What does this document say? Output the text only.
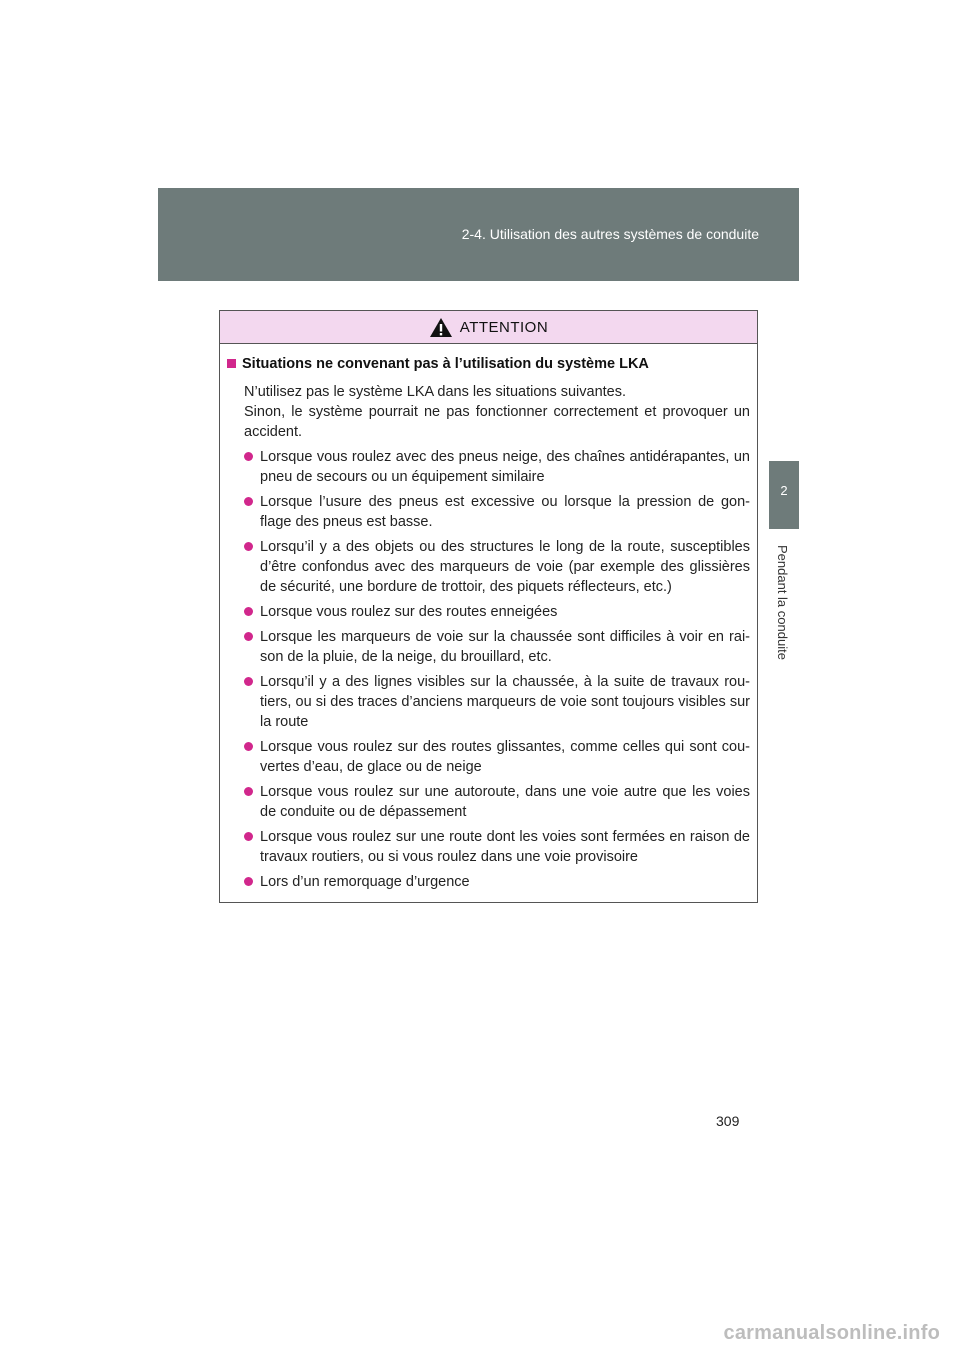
2-4. Utilisation des autres systèmes de conduite
2
Pendant la conduite
ATTENTION
Situations ne convenant pas à l’utilisation du système LKA
N’utilisez pas le système LKA dans les situations suivantes.
Sinon, le système pourrait ne pas fonctionner correctement et provoquer un accident.
Lorsque vous roulez avec des pneus neige, des chaînes antidérapantes, un pneu de secours ou un équipement similaire
Lorsque l’usure des pneus est excessive ou lorsque la pression de gon-flage des pneus est basse.
Lorsqu’il y a des objets ou des structures le long de la route, susceptibles d’être confondus avec des marqueurs de voie (par exemple des glissières de sécurité, une bordure de trottoir, des piquets réflecteurs, etc.)
Lorsque vous roulez sur des routes enneigées
Lorsque les marqueurs de voie sur la chaussée sont difficiles à voir en rai-son de la pluie, de la neige, du brouillard, etc.
Lorsqu’il y a des lignes visibles sur la chaussée, à la suite de travaux rou-tiers, ou si des traces d’anciens marqueurs de voie sont toujours visibles sur la route
Lorsque vous roulez sur des routes glissantes, comme celles qui sont cou-vertes d’eau, de glace ou de neige
Lorsque vous roulez sur une autoroute, dans une voie autre que les voies de conduite ou de dépassement
Lorsque vous roulez sur une route dont les voies sont fermées en raison de travaux routiers, ou si vous roulez dans une voie provisoire
Lors d’un remorquage d’urgence
309
carmanualsonline.info
